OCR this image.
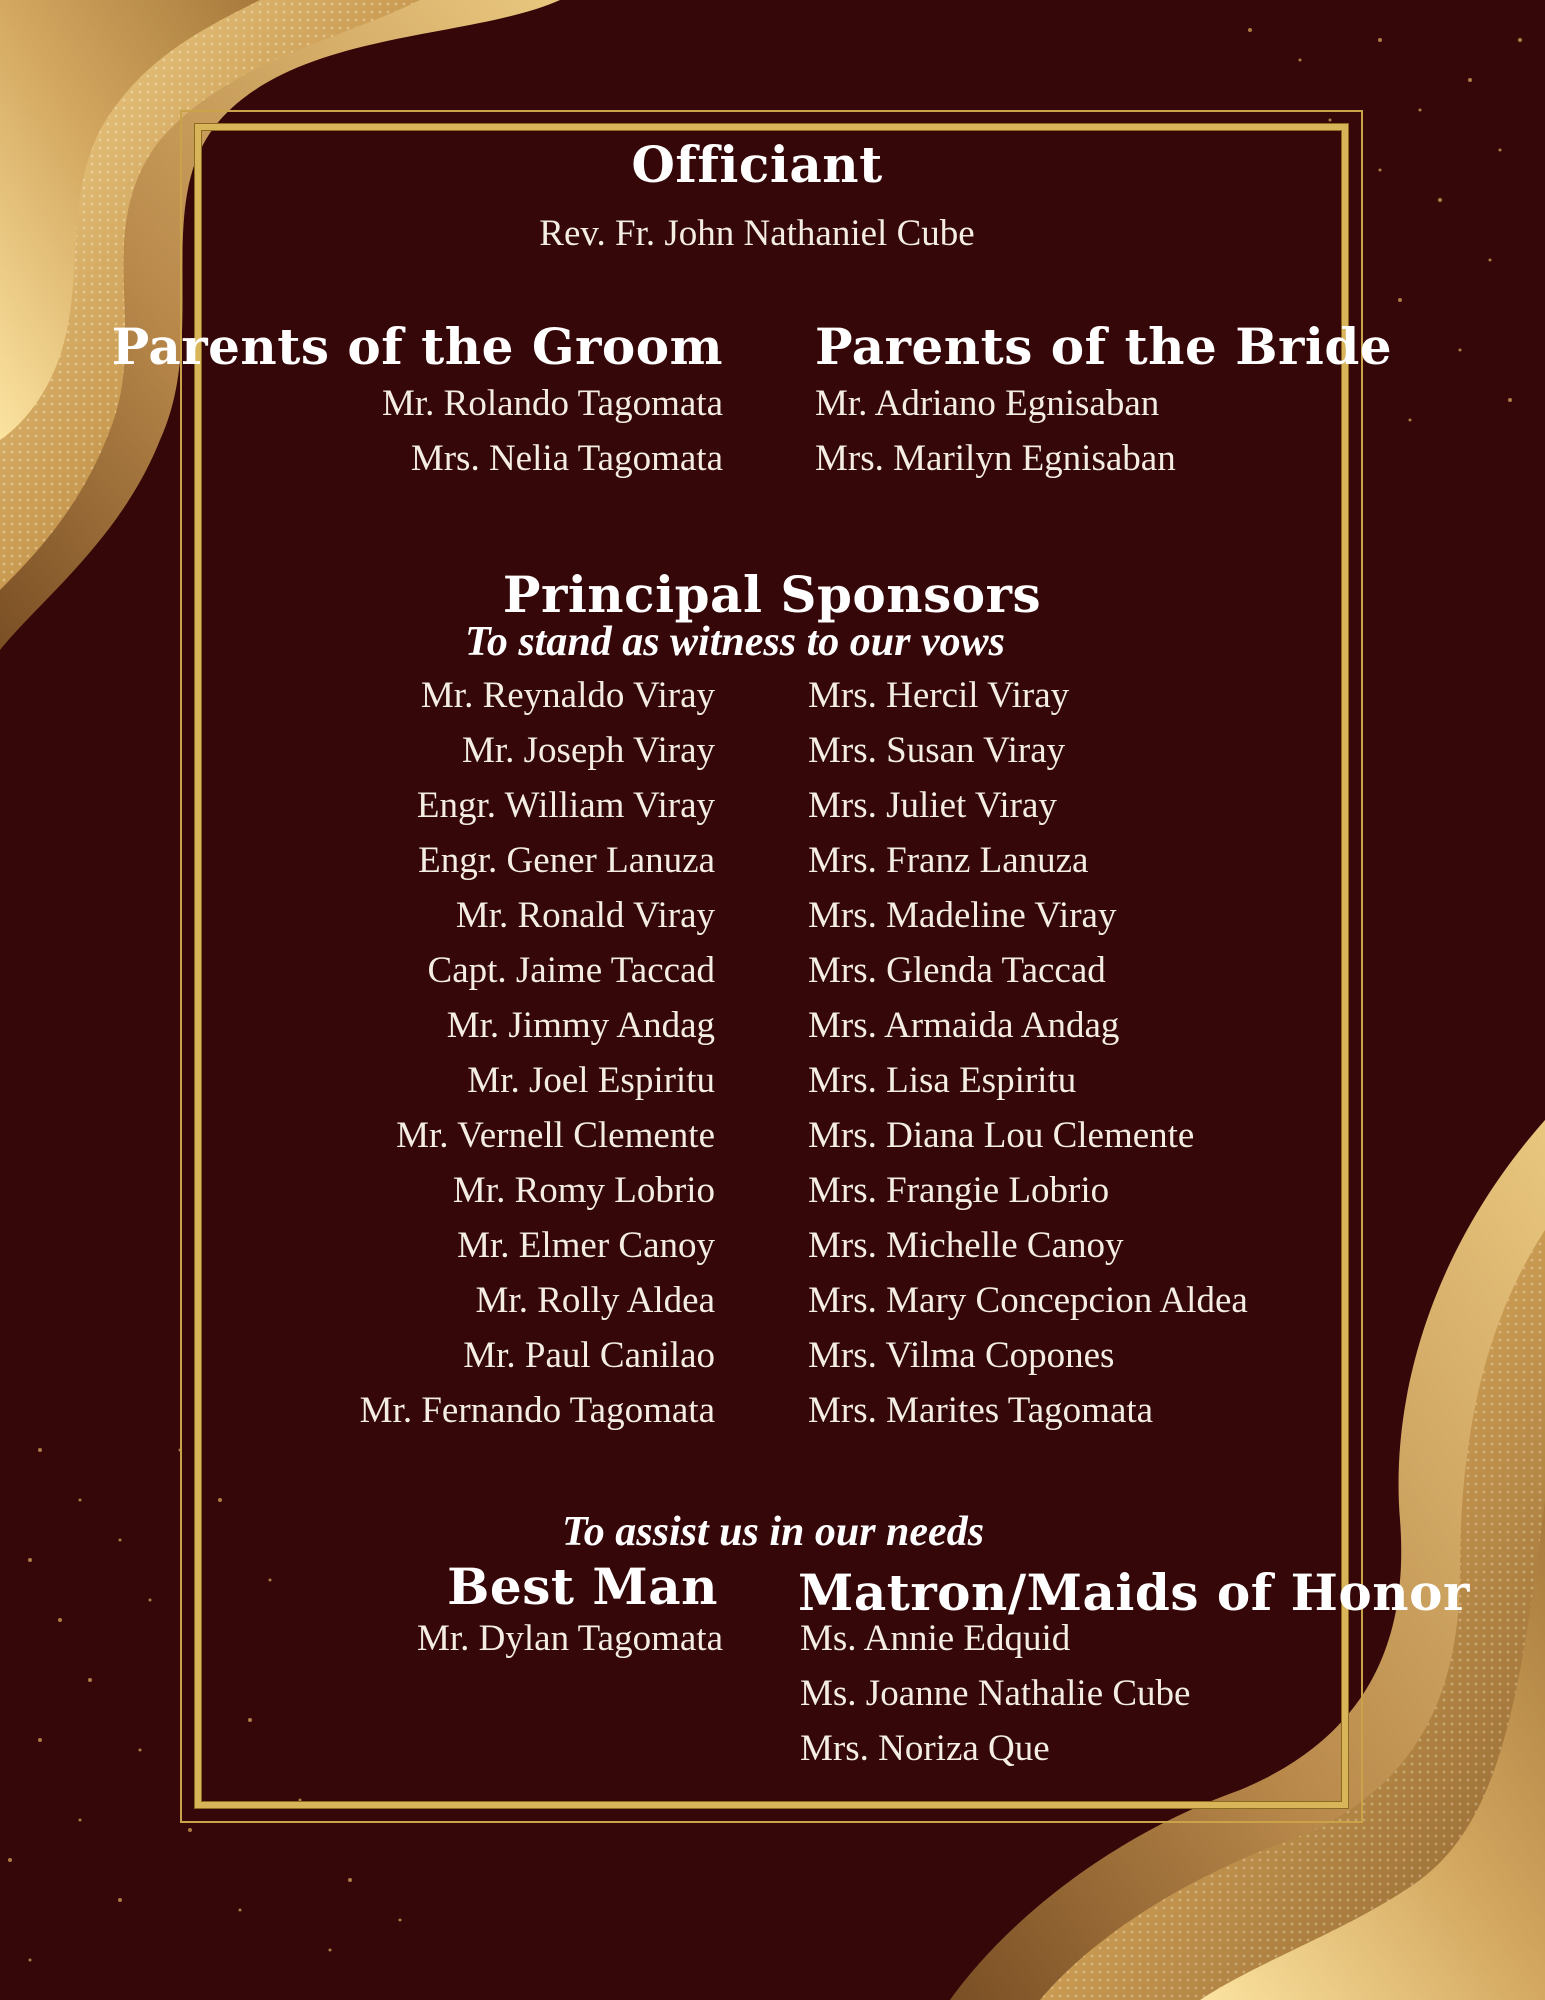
Officiant
Rev. Fr. John Nathaniel Cube
Parents of the Groom
Mr. Rolando Tagomata
Mrs. Nelia Tagomata
Parents of the Bride
Mr. Adriano Egnisaban
Mrs. Marilyn Egnisaban
Principal Sponsors
To stand as witness to our vows
Mr. Reynaldo Viray
Mr. Joseph Viray
Engr. William Viray
Engr. Gener Lanuza
Mr. Ronald Viray
Capt. Jaime Taccad
Mr. Jimmy Andag
Mr. Joel Espiritu
Mr. Vernell Clemente
Mr. Romy Lobrio
Mr. Elmer Canoy
Mr. Rolly Aldea
Mr. Paul Canilao
Mr. Fernando Tagomata
Mrs. Hercil Viray
Mrs. Susan Viray
Mrs. Juliet Viray
Mrs. Franz Lanuza
Mrs. Madeline Viray
Mrs. Glenda Taccad
Mrs. Armaida Andag
Mrs. Lisa Espiritu
Mrs. Diana Lou Clemente
Mrs. Frangie Lobrio
Mrs. Michelle Canoy
Mrs. Mary Concepcion Aldea
Mrs. Vilma Copones
Mrs. Marites Tagomata
To assist us in our needs
Best Man
Mr. Dylan Tagomata
Matron/Maids of Honor
Ms. Annie Edquid
Ms. Joanne Nathalie Cube
Mrs. Noriza Que
